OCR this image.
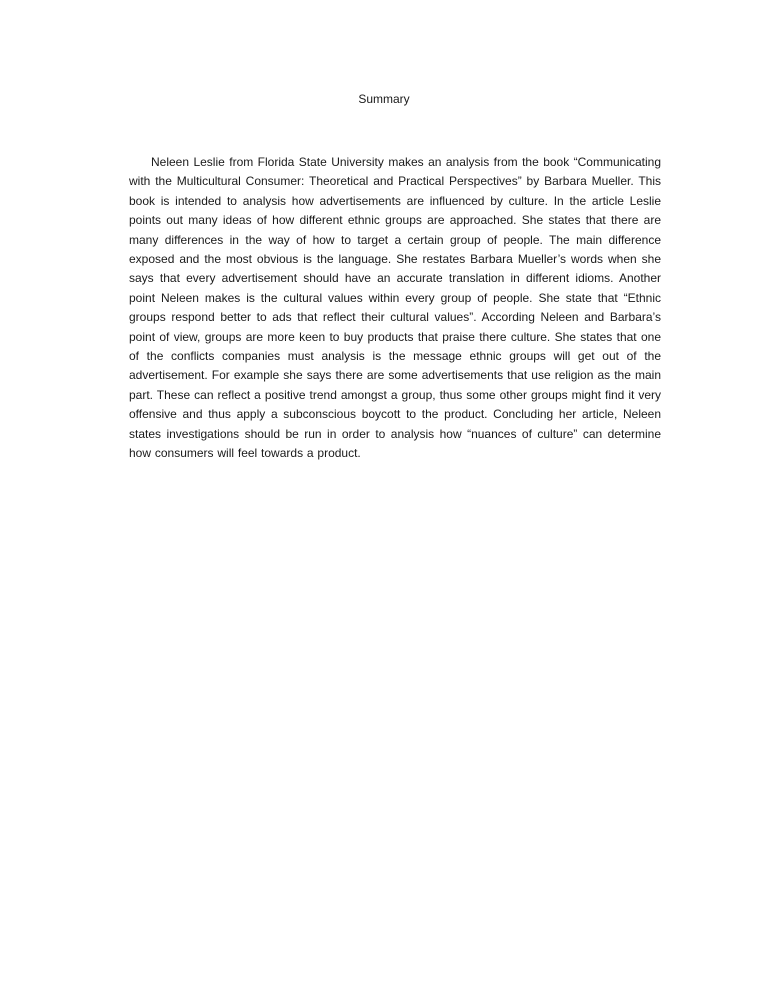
Summary

Neleen Leslie from Florida State University makes an analysis from the book “Communicating with the Multicultural Consumer: Theoretical and Practical Perspectives” by Barbara Mueller. This book is intended to analysis how advertisements are influenced by culture. In the article Leslie points out many ideas of how different ethnic groups are approached. She states that there are many differences in the way of how to target a certain group of people. The main difference exposed and the most obvious is the language. She restates Barbara Mueller’s words when she says that every advertisement should have an accurate translation in different idioms. Another point Neleen makes is the cultural values within every group of people. She state that “Ethnic groups respond better to ads that reflect their cultural values”. According Neleen and Barbara’s point of view, groups are more keen to buy products that praise there culture. She states that one of the conflicts companies must analysis is the message ethnic groups will get out of the advertisement. For example she says there are some advertisements that use religion as the main part. These can reflect a positive trend amongst a group, thus some other groups might find it very offensive and thus apply a subconscious boycott to the product. Concluding her article, Neleen states investigations should be run in order to analysis how “nuances of culture” can determine how consumers will feel towards a product.
